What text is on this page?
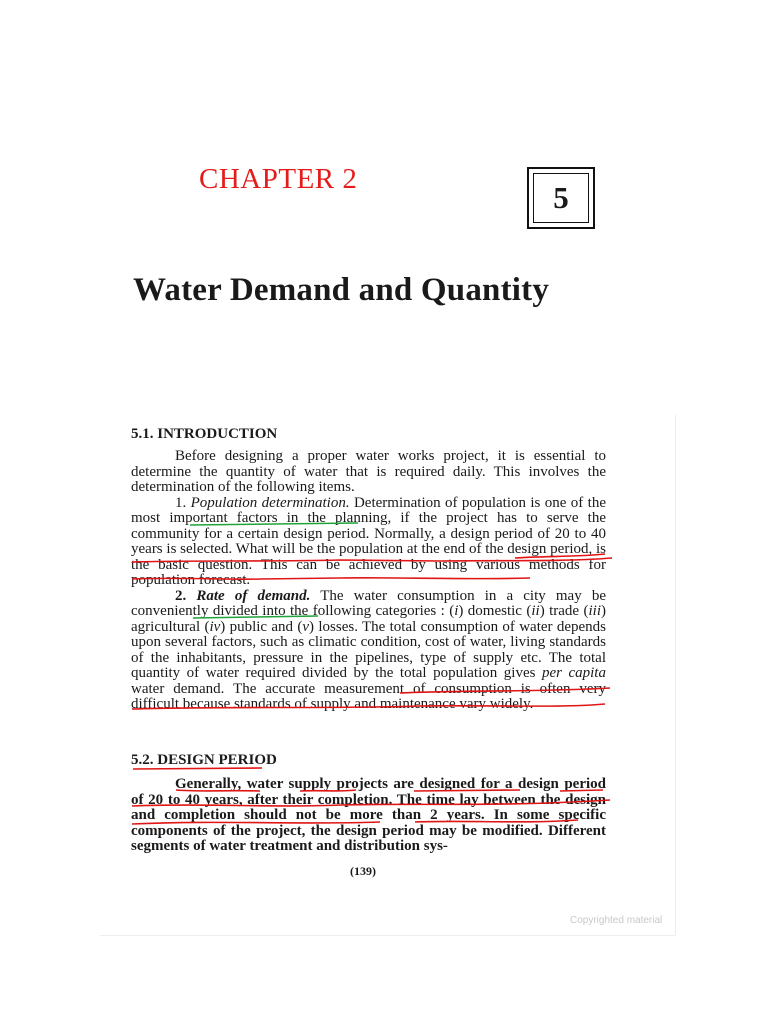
CHAPTER 2
5
Water Demand and Quantity
5.1. INTRODUCTION

Before designing a proper water works project, it is essential to determine the quantity of water that is required daily. This involves the determination of the following items.

1. Population determination. Determination of population is one of the most important factors in the planning, if the project has to serve the community for a certain design period. Normally, a design period of 20 to 40 years is selected. What will be the population at the end of the design period, is the basic question. This can be achieved by using various methods for population forecast.

2. Rate of demand. The water consumption in a city may be conveniently divided into the following categories : (i) domestic (ii) trade (iii) agricultural (iv) public and (v) losses. The total consumption of water depends upon several factors, such as climatic condition, cost of water, living standards of the inhabitants, pressure in the pipelines, type of supply etc. The total quantity of water required divided by the total population gives per capita water demand. The accurate measurement of consumption is often very difficult because standards of supply and maintenance vary widely.

5.2. DESIGN PERIOD

Generally, water supply projects are designed for a design period of 20 to 40 years, after their completion. The time lay between the design and completion should not be more than 2 years. In some specific components of the project, the design period may be modified. Different segments of water treatment and distribution sys-

(139)
Copyrighted material
